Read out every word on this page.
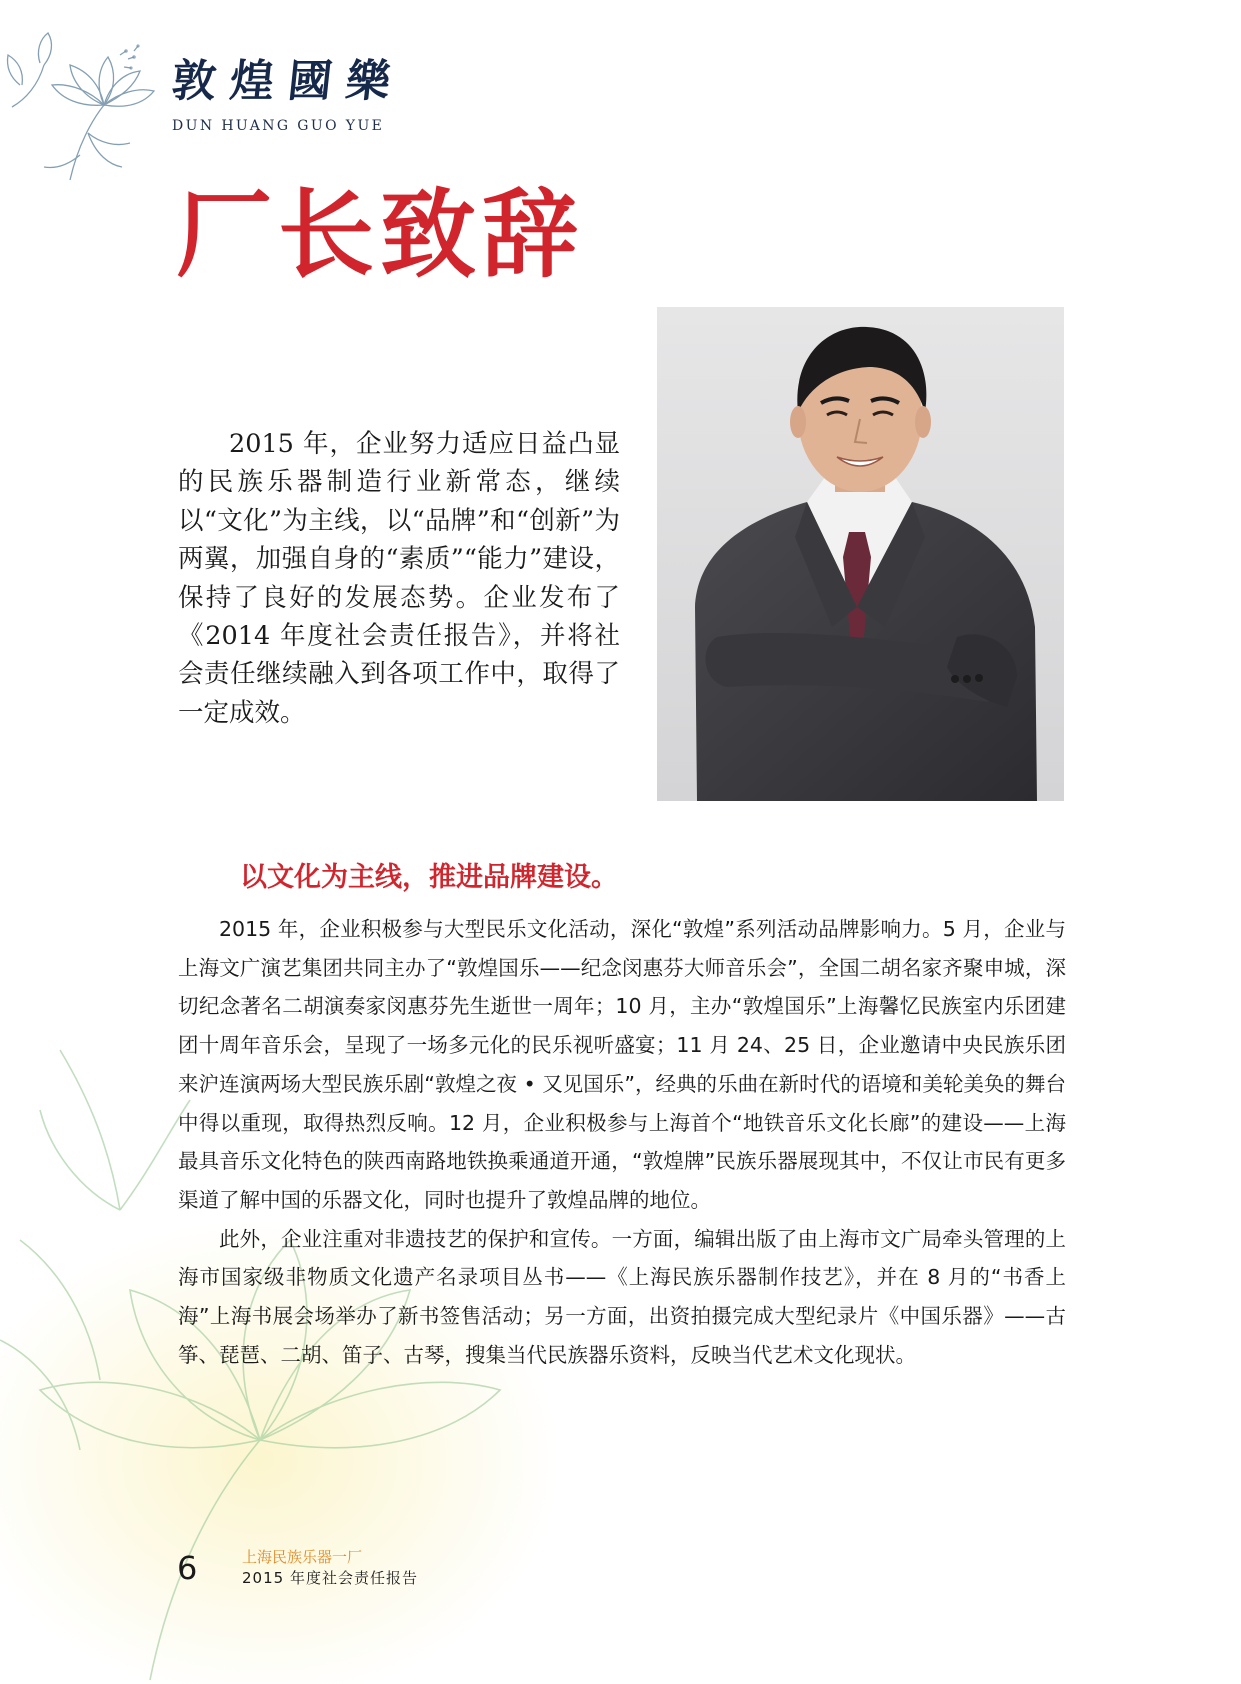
敦煌國樂
DUN HUANG GUO YUE
厂长致辞

2015 年，企业努力适应日益凸显的民族乐器制造行业新常态，继续以“文化”为主线，以“品牌”和“创新”为两翼，加强自身的“素质”“能力”建设，保持了良好的发展态势。企业发布了《2014 年度社会责任报告》，并将社会责任继续融入到各项工作中，取得了一定成效。

以文化为主线，推进品牌建设。

2015 年，企业积极参与大型民乐文化活动，深化“敦煌”系列活动品牌影响力。5 月，企业与上海文广演艺集团共同主办了“敦煌国乐——纪念闵惠芬大师音乐会”，全国二胡名家齐聚申城，深切纪念著名二胡演奏家闵惠芬先生逝世一周年；10 月，主办“敦煌国乐”上海馨忆民族室内乐团建团十周年音乐会，呈现了一场多元化的民乐视听盛宴；11 月 24、25 日，企业邀请中央民族乐团来沪连演两场大型民族乐剧“敦煌之夜 • 又见国乐”，经典的乐曲在新时代的语境和美轮美奂的舞台中得以重现，取得热烈反响。12 月，企业积极参与上海首个“地铁音乐文化长廊”的建设——上海最具音乐文化特色的陕西南路地铁换乘通道开通，“敦煌牌”民族乐器展现其中，不仅让市民有更多渠道了解中国的乐器文化，同时也提升了敦煌品牌的地位。

此外，企业注重对非遗技艺的保护和宣传。一方面，编辑出版了由上海市文广局牵头管理的上海市国家级非物质文化遗产名录项目丛书——《上海民族乐器制作技艺》，并在 8 月的“书香上海”上海书展会场举办了新书签售活动；另一方面，出资拍摄完成大型纪录片《中国乐器》——古筝、琵琶、二胡、笛子、古琴，搜集当代民族器乐资料，反映当代艺术文化现状。

6	上海民族乐器一厂
2015 年度社会责任报告
